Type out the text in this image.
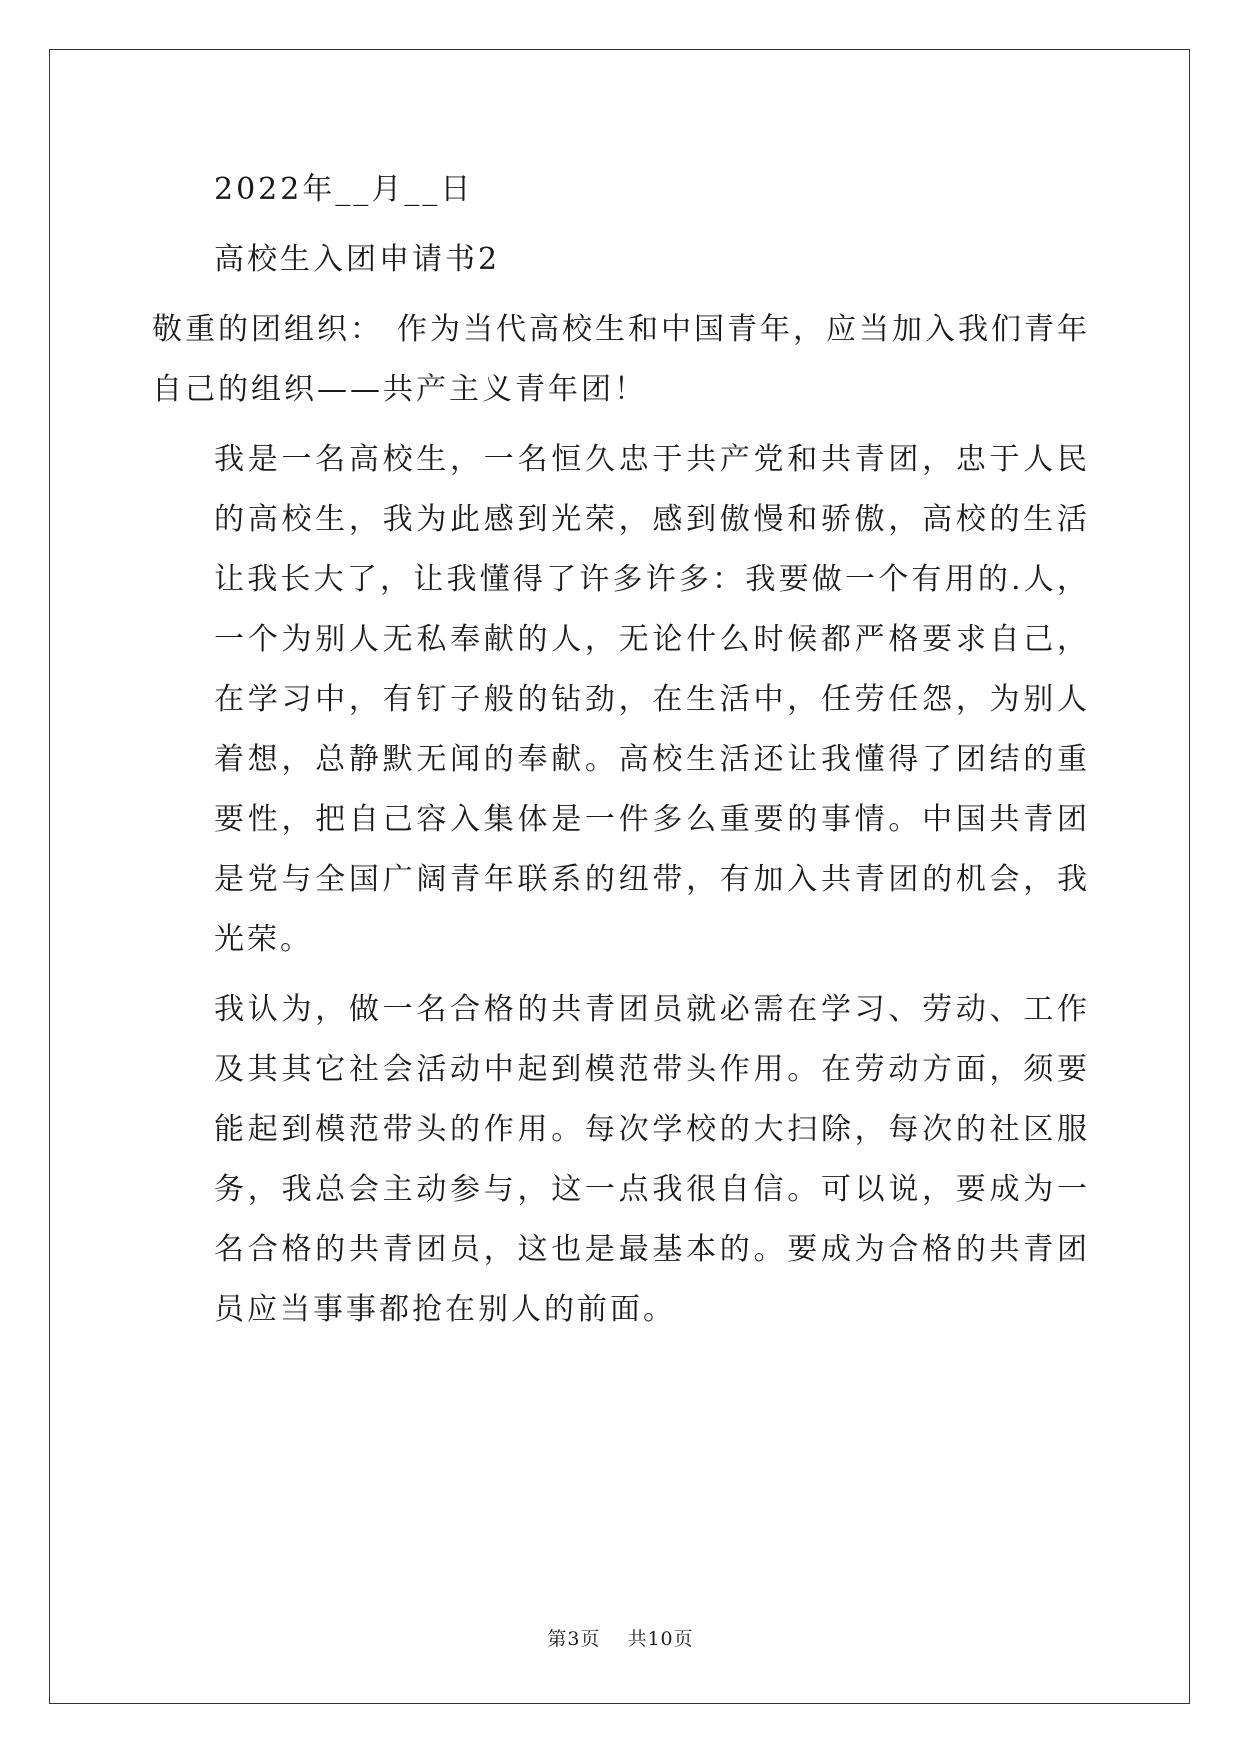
2022年__月__日

高校生入团申请书2

敬重的团组织： 作为当代高校生和中国青年，应当加入我们青年

自己的组织——共产主义青年团！

我是一名高校生，一名恒久忠于共产党和共青团，忠于人民的高校生，我为此感到光荣，感到傲慢和骄傲，高校的生活让我长大了，让我懂得了许多许多：我要做一个有用的.人，一个为别人无私奉献的人，无论什么时候都严格要求自己，在学习中，有钉子般的钻劲，在生活中，任劳任怨，为别人着想，总静默无闻的奉献。高校生活还让我懂得了团结的重要性，把自己容入集体是一件多么重要的事情。中国共青团是党与全国广阔青年联系的纽带，有加入共青团的机会，我光荣。

我认为，做一名合格的共青团员就必需在学习、劳动、工作及其其它社会活动中起到模范带头作用。在劳动方面，须要能起到模范带头的作用。每次学校的大扫除，每次的社区服务，我总会主动参与，这一点我很自信。可以说，要成为一名合格的共青团员，这也是最基本的。要成为合格的共青团员应当事事都抢在别人的前面。

第3页 共10页
